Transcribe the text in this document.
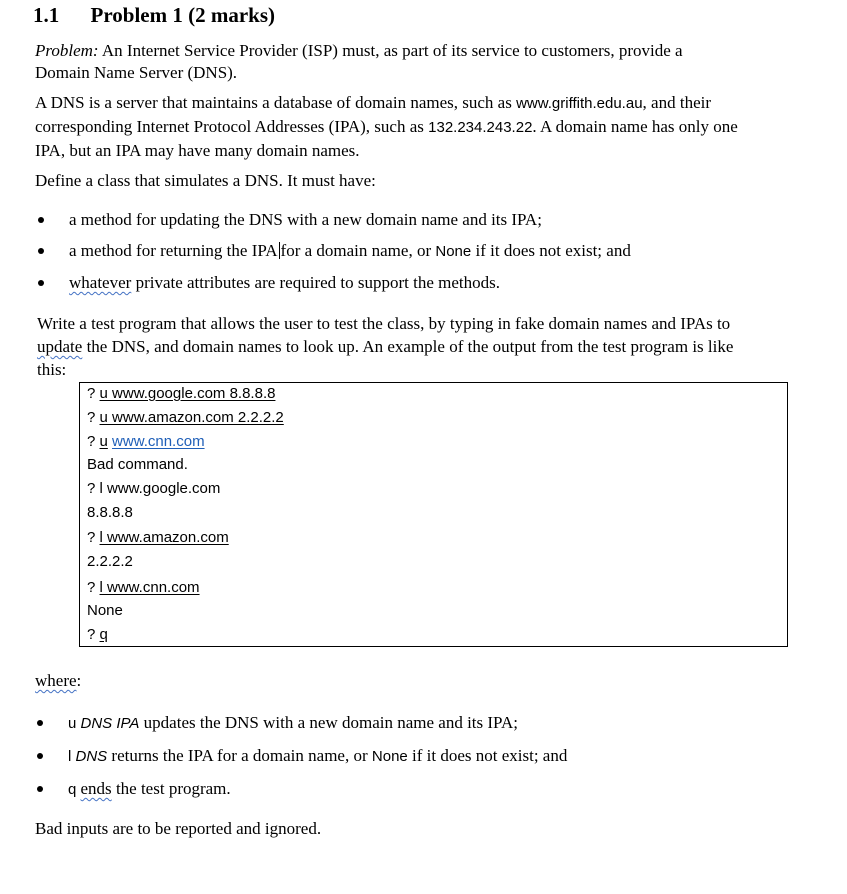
1.1 Problem 1 (2 marks)
Problem: An Internet Service Provider (ISP) must, as part of its service to customers, provide a
Domain Name Server (DNS).
A DNS is a server that maintains a database of domain names, such as www.griffith.edu.au, and their
corresponding Internet Protocol Addresses (IPA), such as 132.234.243.22. A domain name has only one
IPA, but an IPA may have many domain names.
Define a class that simulates a DNS. It must have:
a method for updating the DNS with a new domain name and its IPA;
a method for returning the IPA for a domain name, or None if it does not exist; and
whatever private attributes are required to support the methods.
Write a test program that allows the user to test the class, by typing in fake domain names and IPAs to
update the DNS, and domain names to look up. An example of the output from the test program is like
this:
? u www.google.com 8.8.8.8
? u www.amazon.com 2.2.2.2
? u www.cnn.com
Bad command.
? l www.google.com
8.8.8.8
? l www.amazon.com
2.2.2.2
? l www.cnn.com
None
? q
where:
u DNS IPA updates the DNS with a new domain name and its IPA;
l DNS returns the IPA for a domain name, or None if it does not exist; and
q ends the test program.
Bad inputs are to be reported and ignored.
